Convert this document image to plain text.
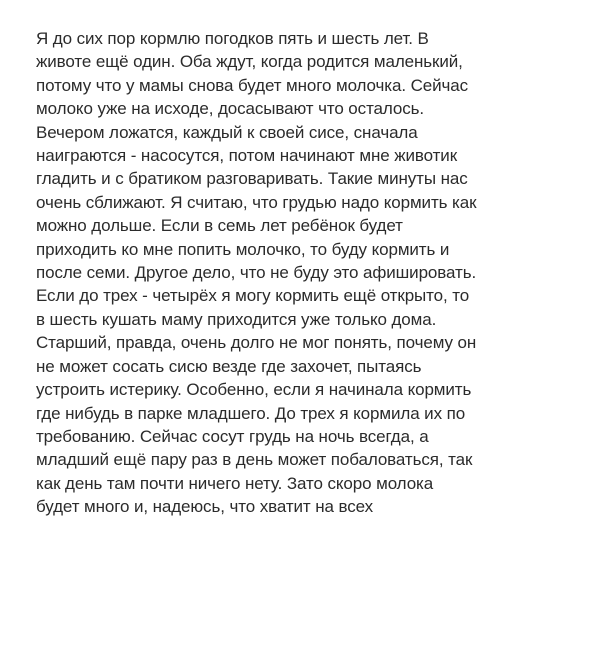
Я до сих пор кормлю погодков пять и шесть лет. В
животе ещё один. Оба ждут, когда родится маленький,
потому что у мамы снова будет много молочка. Сейчас
молоко уже на исходе, досасывают что осталось.
Вечером ложатся, каждый к своей сисе, сначала
наиграются - насосутся, потом начинают мне животик
гладить и с братиком разговаривать. Такие минуты нас
очень сближают. Я считаю, что грудью надо кормить как
можно дольше. Если в семь лет ребёнок будет
приходить ко мне попить молочко, то буду кормить и
после семи. Другое дело, что не буду это афишировать.
Если до трех - четырёх я могу кормить ещё открыто, то
в шесть кушать маму приходится уже только дома.
Старший, правда, очень долго не мог понять, почему он
не может сосать сисю везде где захочет, пытаясь
устроить истерику. Особенно, если я начинала кормить
где нибудь в парке младшего. До трех я кормила их по
требованию. Сейчас сосут грудь на ночь всегда, а
младший ещё пару раз в день может побаловаться, так
как день там почти ничего нету. Зато скоро молока
будет много и, надеюсь, что хватит на всех
